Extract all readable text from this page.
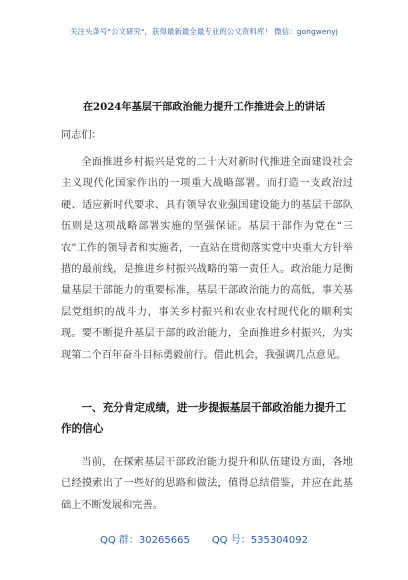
关注头条号"公文研究"，获得最新最全最专业的公文资料库！ 微信：gongwenyj
在2024年基层干部政治能力提升工作推进会上的讲话
同志们：

全面推进乡村振兴是党的二十大对新时代推进全面建设社会主义现代化国家作出的一项重大战略部署。而打造一支政治过硬、适应新时代要求、具有领导农业强国建设能力的基层干部队伍则是这项战略部署实施的坚强保证。基层干部作为党在“三农”工作的领导者和实施者，一直站在贯彻落实党中央重大方针举措的最前线，是推进乡村振兴战略的第一责任人。政治能力是衡量基层干部能力的重要标准，基层干部政治能力的高低，事关基层党组织的战斗力，事关乡村振兴和农业农村现代化的顺利实现。要不断提升基层干部的政治能力，全面推进乡村振兴，为实现第二个百年奋斗目标勇毅前行。借此机会，我强调几点意见。

一、充分肯定成绩，进一步提振基层干部政治能力提升工作的信心

当前，在探索基层干部政治能力提升和队伍建设方面，各地已经摸索出了一些好的思路和做法，值得总结借鉴，并应在此基础上不断发展和完善。

QQ 群：30265665 QQ 号：535304092
